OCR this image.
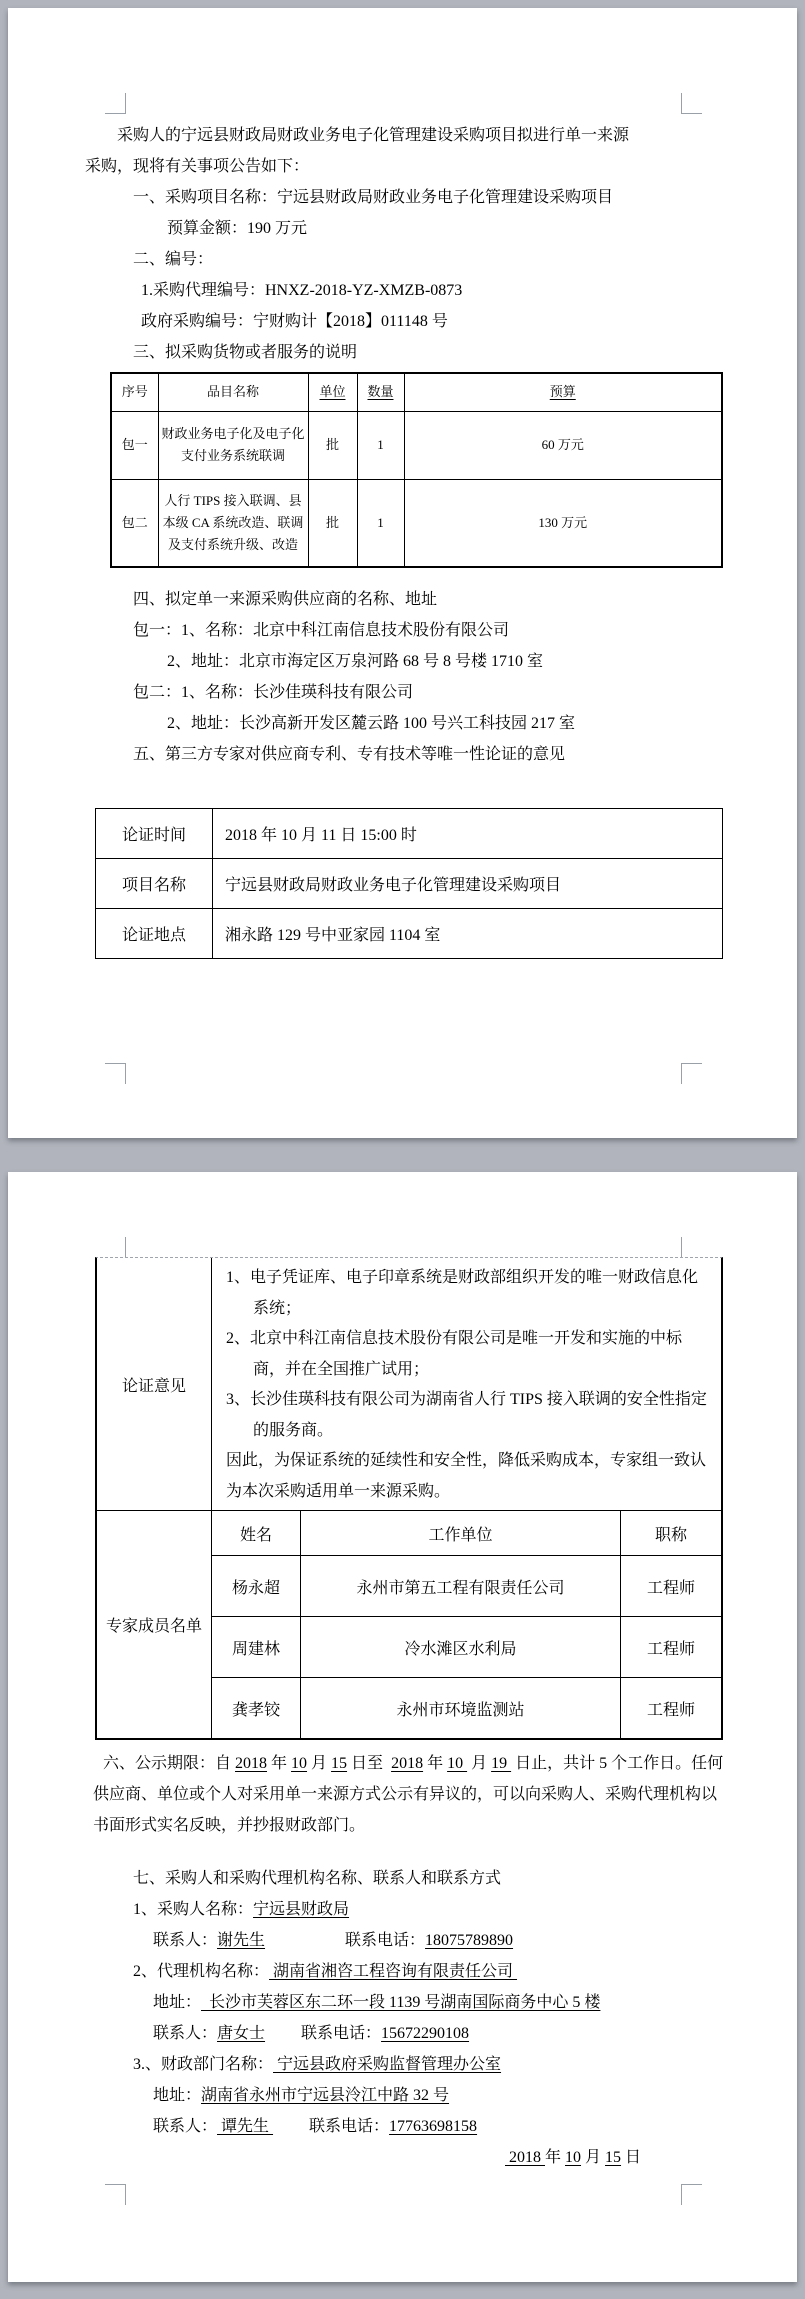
采购人的宁远县财政局财政业务电子化管理建设采购项目拟进行单一来源

采购，现将有关事项公告如下：

一、采购项目名称：宁远县财政局财政业务电子化管理建设采购项目

预算金额：190 万元

二、编号：

1.采购代理编号：HNXZ-2018-YZ-XMZB-0873

政府采购编号：宁财购计【2018】011148 号

三、拟采购货物或者服务的说明

序号	品目名称	单位	数量	预算
包一	财政业务电子化及电子化支付业务系统联调	批	1	60 万元
包二	人行 TIPS 接入联调、县本级 CA 系统改造、联调及支付系统升级、改造	批	1	130 万元

四、拟定单一来源采购供应商的名称、地址

包一：1、名称：北京中科江南信息技术股份有限公司

2、地址：北京市海定区万泉河路 68 号 8 号楼 1710 室

包二：1、名称：长沙佳瑛科技有限公司

2、地址：长沙高新开发区麓云路 100 号兴工科技园 217 室

五、第三方专家对供应商专利、专有技术等唯一性论证的意见

论证时间	2018 年 10 月 11 日 15:00 时
项目名称	宁远县财政局财政业务电子化管理建设采购项目
论证地点	湘永路 129 号中亚家园 1104 室
论证意见

1、电子凭证库、电子印章系统是财政部组织开发的唯一财政信息化系统；

2、北京中科江南信息技术股份有限公司是唯一开发和实施的中标商，并在全国推广试用；

3、长沙佳瑛科技有限公司为湖南省人行 TIPS 接入联调的安全性指定的服务商。

因此，为保证系统的延续性和安全性，降低采购成本，专家组一致认为本次采购适用单一来源采购。

专家成员名单
姓名	工作单位	职称
杨永超	永州市第五工程有限责任公司	工程师
周建林	冷水滩区水利局	工程师
龚孝铰	永州市环境监测站	工程师

六、公示期限：自 2018 年 10 月 15 日至  2018 年 10  月 19  日止，共计 5 个工作日。任何供应商、单位或个人对采用单一来源方式公示有异议的，可以向采购人、采购代理机构以书面形式实名反映，并抄报财政部门。

七、采购人和采购代理机构名称、联系人和联系方式

1、采购人名称：宁远县财政局

联系人：谢先生	联系电话：18075789890

2、代理机构名称： 湖南省湘咨工程咨询有限责任公司

地址：  长沙市芙蓉区东二环一段 1139 号湖南国际商务中心 5 楼

联系人：唐女士 联系电话：15672290108

3.、财政部门名称： 宁远县政府采购监督管理办公室

地址：湖南省永州市宁远县泠江中路 32 号

联系人： 谭先生 联系电话：17763698158

2018 年 10 月 15 日
